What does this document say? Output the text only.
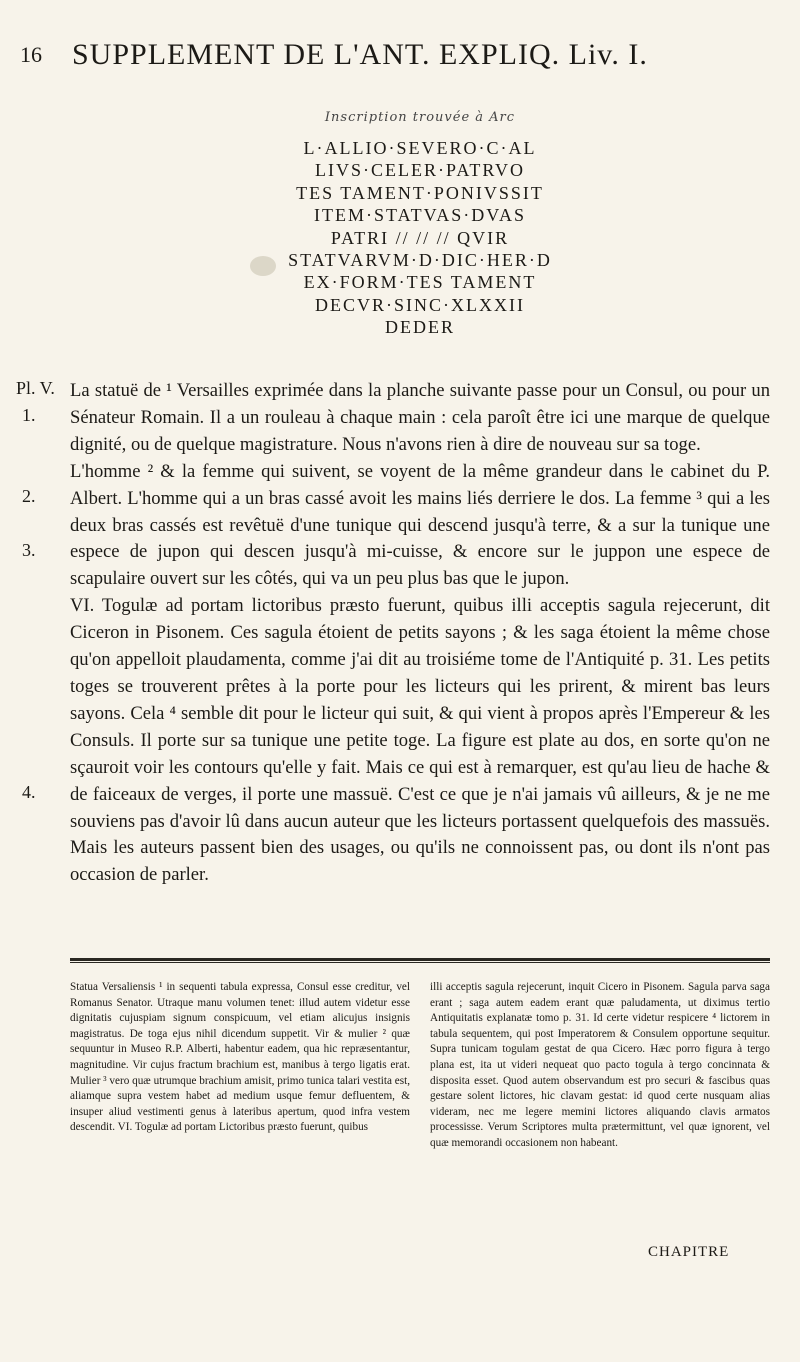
16 SUPPLEMENT DE L'ANT. EXPLIQ. Liv. I.

Inscription trouvée à Arc

L·ALLIO·SEVERO·C·AL

LIVS·CELER·PATRVO

TES TAMENT·PONIVSSIT

ITEM·STATVAS·DVAS

PATRI // // // QVIR

STATVARVM·D·DIC·HER·D

EX·FORM·TES TAMENT

DECVR·SINC·XLXXII

DEDER

Pl. V.
1.
2.
3.
4.

La statuë de ¹ Versailles exprimée dans la planche suivante passe pour un Consul, ou pour un Sénateur Romain. Il a un rouleau à chaque main : cela paroît être ici une marque de quelque dignité, ou de quelque magistrature. Nous n'avons rien à dire de nouveau sur sa toge.

L'homme ² & la femme qui suivent, se voyent de la même grandeur dans le cabinet du P. Albert. L'homme qui a un bras cassé avoit les mains liés derriere le dos. La femme ³ qui a les deux bras cassés est revêtuë d'une tunique qui descend jusqu'à terre, & a sur la tunique une espece de jupon qui descen jusqu'à mi-cuisse, & encore sur le juppon une espece de scapulaire ouvert sur les côtés, qui va un peu plus bas que le jupon.

VI. Togulæ ad portam lictoribus præsto fuerunt, quibus illi acceptis sagula rejecerunt, dit Ciceron in Pisonem. Ces sagula étoient de petits sayons ; & les saga étoient la même chose qu'on appelloit plaudamenta, comme j'ai dit au troisiéme tome de l'Antiquité p. 31. Les petits toges se trouverent prêtes à la porte pour les licteurs qui les prirent, & mirent bas leurs sayons. Cela ⁴ semble dit pour le licteur qui suit, & qui vient à propos après l'Empereur & les Consuls. Il porte sur sa tunique une petite toge. La figure est plate au dos, en sorte qu'on ne sçauroit voir les contours qu'elle y fait. Mais ce qui est à remarquer, est qu'au lieu de hache & de faiceaux de verges, il porte une massuë. C'est ce que je n'ai jamais vû ailleurs, & je ne me souviens pas d'avoir lû dans aucun auteur que les licteurs portassent quelquefois des massuës. Mais les auteurs passent bien des usages, ou qu'ils ne connoissent pas, ou dont ils n'ont pas occasion de parler.

Statua Versaliensis ¹ in sequenti tabula expressa, Consul esse creditur, vel Romanus Senator. Utraque manu volumen tenet: illud autem videtur esse dignitatis cujuspiam signum conspicuum, vel etiam alicujus insignis magistratus. De toga ejus nihil dicendum suppetit. Vir & mulier ² quæ sequuntur in Museo R.P. Alberti, habentur eadem, qua hic repræsentantur, magnitudine. Vir cujus fractum brachium est, manibus à tergo ligatis erat. Mulier ³ vero quæ utrumque brachium amisit, primo tunica talari vestita est, aliamque supra vestem habet ad medium usque femur defluentem, & insuper aliud vestimenti genus à lateribus apertum, quod infra vestem descendit. VI. Togulæ ad portam Lictoribus præsto fuerunt, quibus

illi acceptis sagula rejecerunt, inquit Cicero in Pisonem. Sagula parva saga erant ; saga autem eadem erant quæ paludamenta, ut diximus tertio Antiquitatis explanatæ tomo p. 31. Id certe videtur respicere ⁴ lictorem in tabula sequentem, qui post Imperatorem & Consulem opportune sequitur. Supra tunicam togulam gestat de qua Cicero. Hæc porro figura à tergo plana est, ita ut videri nequeat quo pacto togula à tergo concinnata & disposita esset. Quod autem observandum est pro securi & fascibus quas gestare solent lictores, hic clavam gestat: id quod certe nusquam alias videram, nec me legere memini lictores aliquando clavis armatos processisse. Verum Scriptores multa prætermittunt, vel quæ ignorent, vel quæ memorandi occasionem non habeant.

CHAPITRE
